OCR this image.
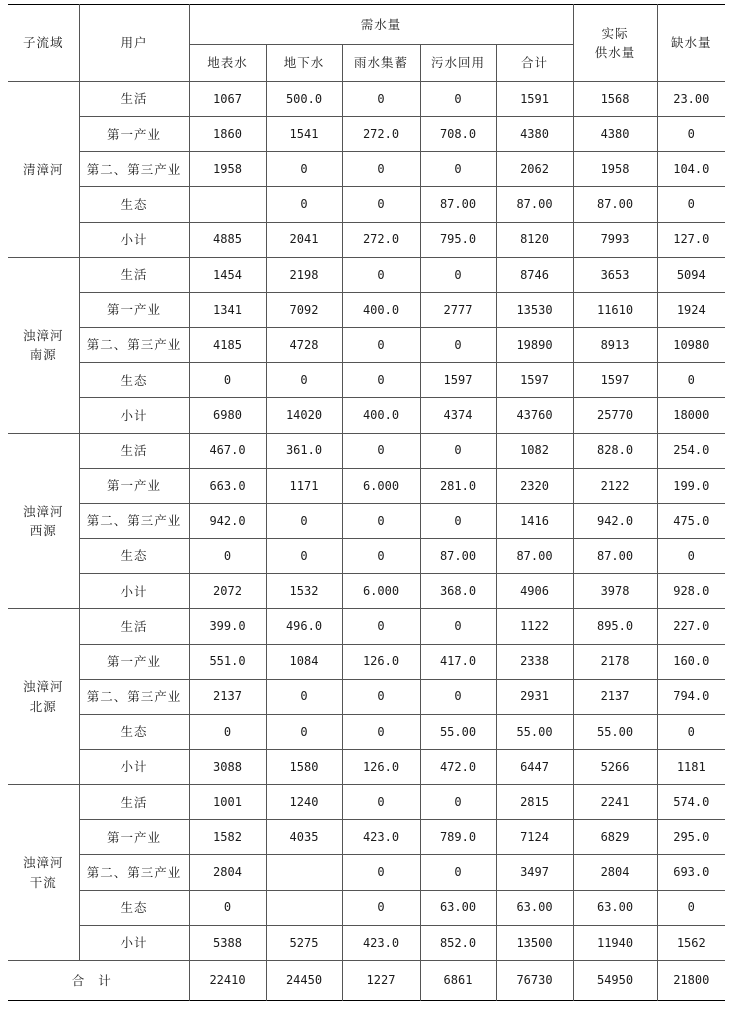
子流域	用户	需水量					实际
供水量	缺水量
		地表水	地下水	雨水集蓄	污水回用	合计		

清漳河	生活	1067	500.0	0	0	1591	1568	23.00
	第一产业	1860	1541	272.0	708.0	4380	4380	0
	第二、第三产业	1958	0	0	0	2062	1958	104.0
	生态		0	0	87.00	87.00	87.00	0
	小计	4885	2041	272.0	795.0	8120	7993	127.0

浊漳河
南源	生活	1454	2198	0	0	8746	3653	5094
	第一产业	1341	7092	400.0	2777	13530	11610	1924
	第二、第三产业	4185	4728	0	0	19890	8913	10980
	生态	0	0	0	1597	1597	1597	0
	小计	6980	14020	400.0	4374	43760	25770	18000

浊漳河
西源	生活	467.0	361.0	0	0	1082	828.0	254.0
	第一产业	663.0	1171	6.000	281.0	2320	2122	199.0
	第二、第三产业	942.0	0	0	0	1416	942.0	475.0
	生态	0	0	0	87.00	87.00	87.00	0
	小计	2072	1532	6.000	368.0	4906	3978	928.0

浊漳河
北源	生活	399.0	496.0	0	0	1122	895.0	227.0
	第一产业	551.0	1084	126.0	417.0	2338	2178	160.0
	第二、第三产业	2137	0	0	0	2931	2137	794.0
	生态	0	0	0	55.00	55.00	55.00	0
	小计	3088	1580	126.0	472.0	6447	5266	1181

浊漳河
干流	生活	1001	1240	0	0	2815	2241	574.0
	第一产业	1582	4035	423.0	789.0	7124	6829	295.0
	第二、第三产业	2804		0	0	3497	2804	693.0
	生态	0		0	63.00	63.00	63.00	0
	小计	5388	5275	423.0	852.0	13500	11940	1562
合计		22410	24450	1227	6861	76730	54950	21800
